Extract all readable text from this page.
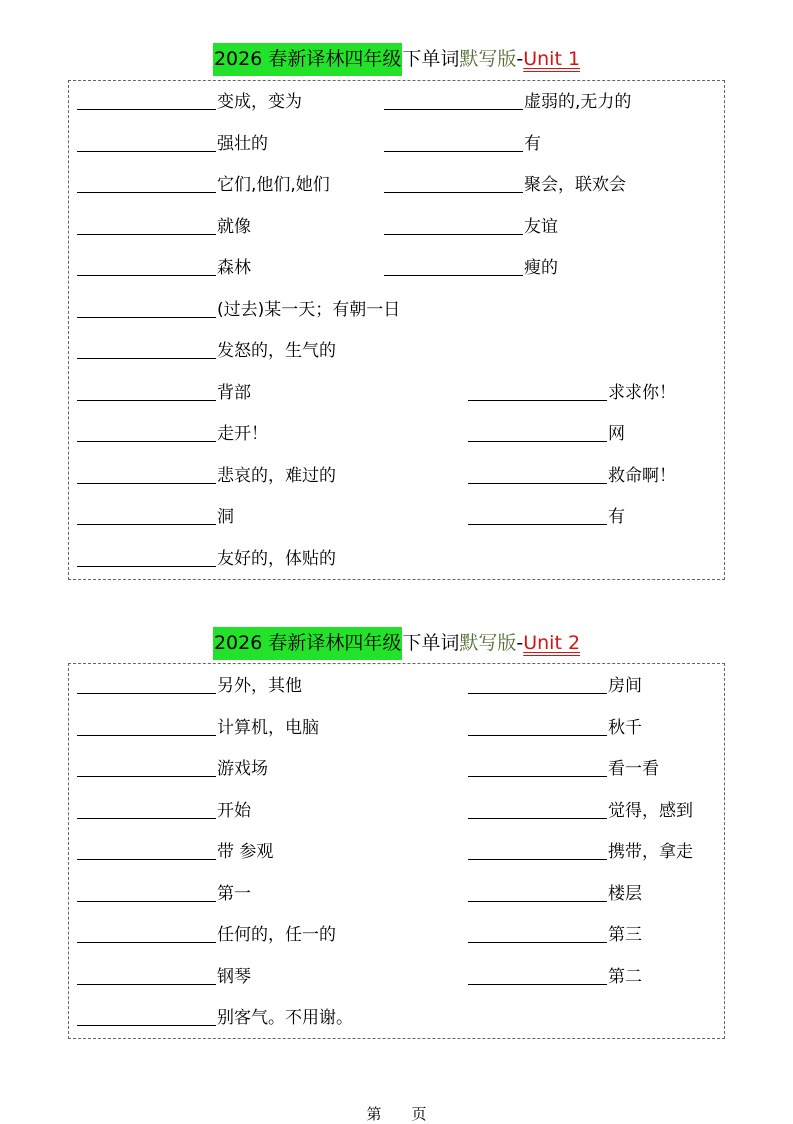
2026 春新译林四年级下单词默写版-Unit 1
变成，变为	虚弱的,无力的
强壮的	有
它们,他们,她们	聚会，联欢会
就像	友谊
森林	瘦的
(过去)某一天；有朝一日
发怒的，生气的
背部	求求你！
走开！	网
悲哀的，难过的	救命啊！
洞	有
友好的，体贴的
2026 春新译林四年级下单词默写版-Unit 2
另外，其他	房间
计算机，电脑	秋千
游戏场	看一看
开始	觉得，感到
带 参观	携带，拿走
第一	楼层
任何的，任一的	第三
钢琴	第二
别客气。不用谢。
第　　页
